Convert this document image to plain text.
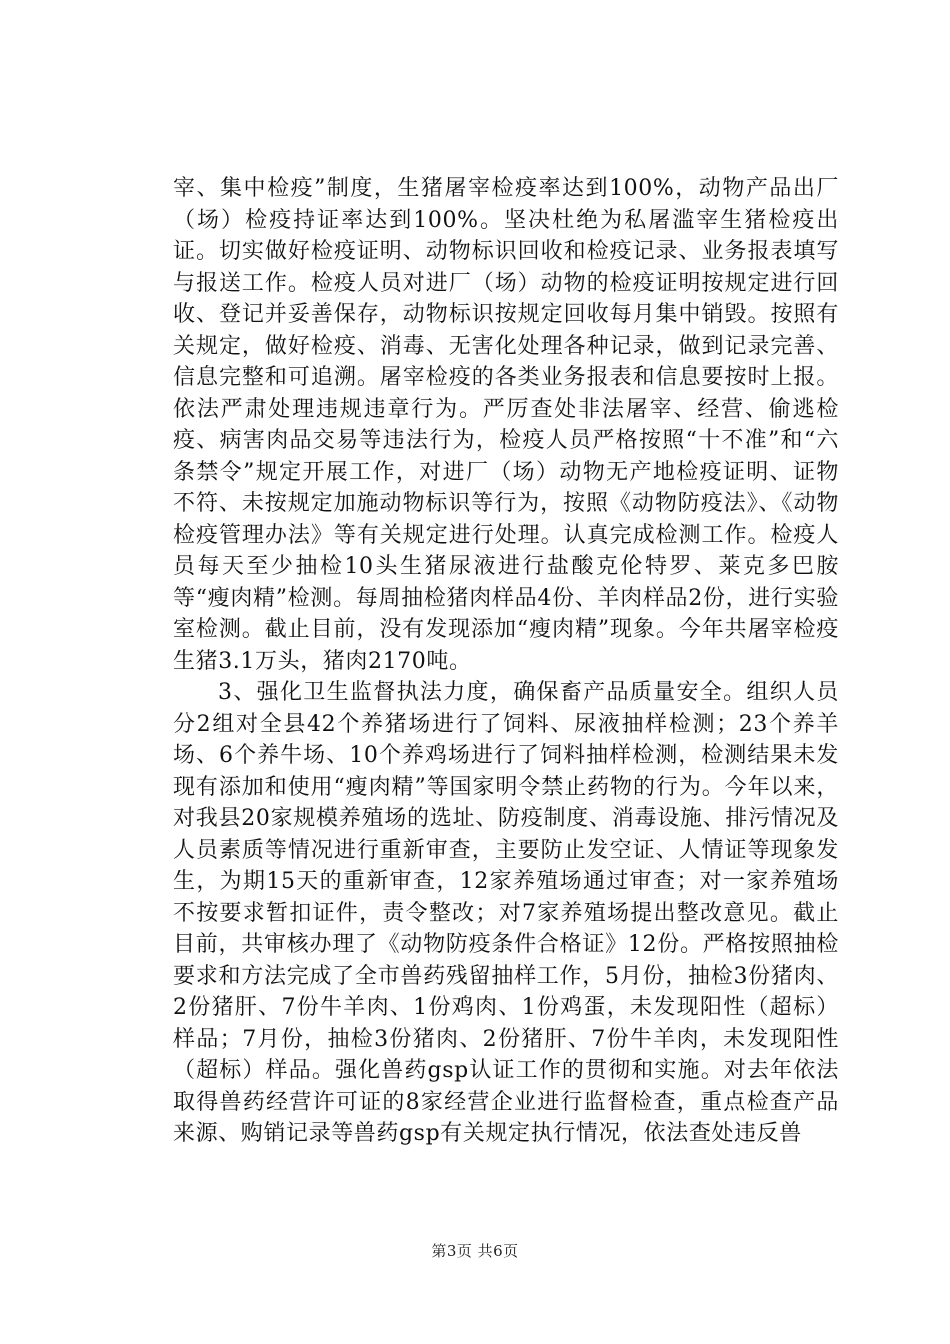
宰、集中检疫”制度，生猪屠宰检疫率达到100%，动物产品出厂（场）检疫持证率达到100%。坚决杜绝为私屠滥宰生猪检疫出证。切实做好检疫证明、动物标识回收和检疫记录、业务报表填写与报送工作。检疫人员对进厂（场）动物的检疫证明按规定进行回收、登记并妥善保存，动物标识按规定回收每月集中销毁。按照有关规定，做好检疫、消毒、无害化处理各种记录，做到记录完善、信息完整和可追溯。屠宰检疫的各类业务报表和信息要按时上报。依法严肃处理违规违章行为。严厉查处非法屠宰、经营、偷逃检疫、病害肉品交易等违法行为，检疫人员严格按照“十不准”和“六条禁令”规定开展工作，对进厂（场）动物无产地检疫证明、证物不符、未按规定加施动物标识等行为，按照《动物防疫法》、《动物检疫管理办法》等有关规定进行处理。认真完成检测工作。检疫人员每天至少抽检10头生猪尿液进行盐酸克伦特罗、莱克多巴胺等“瘦肉精”检测。每周抽检猪肉样品4份、羊肉样品2份，进行实验室检测。截止目前，没有发现添加“瘦肉精”现象。今年共屠宰检疫生猪3.1万头，猪肉2170吨。

3、强化卫生监督执法力度，确保畜产品质量安全。组织人员分2组对全县42个养猪场进行了饲料、尿液抽样检测；23个养羊场、6个养牛场、10个养鸡场进行了饲料抽样检测，检测结果未发现有添加和使用“瘦肉精”等国家明令禁止药物的行为。今年以来，对我县20家规模养殖场的选址、防疫制度、消毒设施、排污情况及人员素质等情况进行重新审查，主要防止发空证、人情证等现象发生，为期15天的重新审查，12家养殖场通过审查；对一家养殖场不按要求暂扣证件，责令整改；对7家养殖场提出整改意见。截止目前，共审核办理了《动物防疫条件合格证》12份。严格按照抽检要求和方法完成了全市兽药残留抽样工作，5月份，抽检3份猪肉、2份猪肝、7份牛羊肉、1份鸡肉、1份鸡蛋，未发现阳性（超标）样品；7月份，抽检3份猪肉、2份猪肝、7份牛羊肉，未发现阳性（超标）样品。强化兽药gsp认证工作的贯彻和实施。对去年依法取得兽药经营许可证的8家经营企业进行监督检查，重点检查产品来源、购销记录等兽药gsp有关规定执行情况，依法查处违反兽

第3页 共6页
